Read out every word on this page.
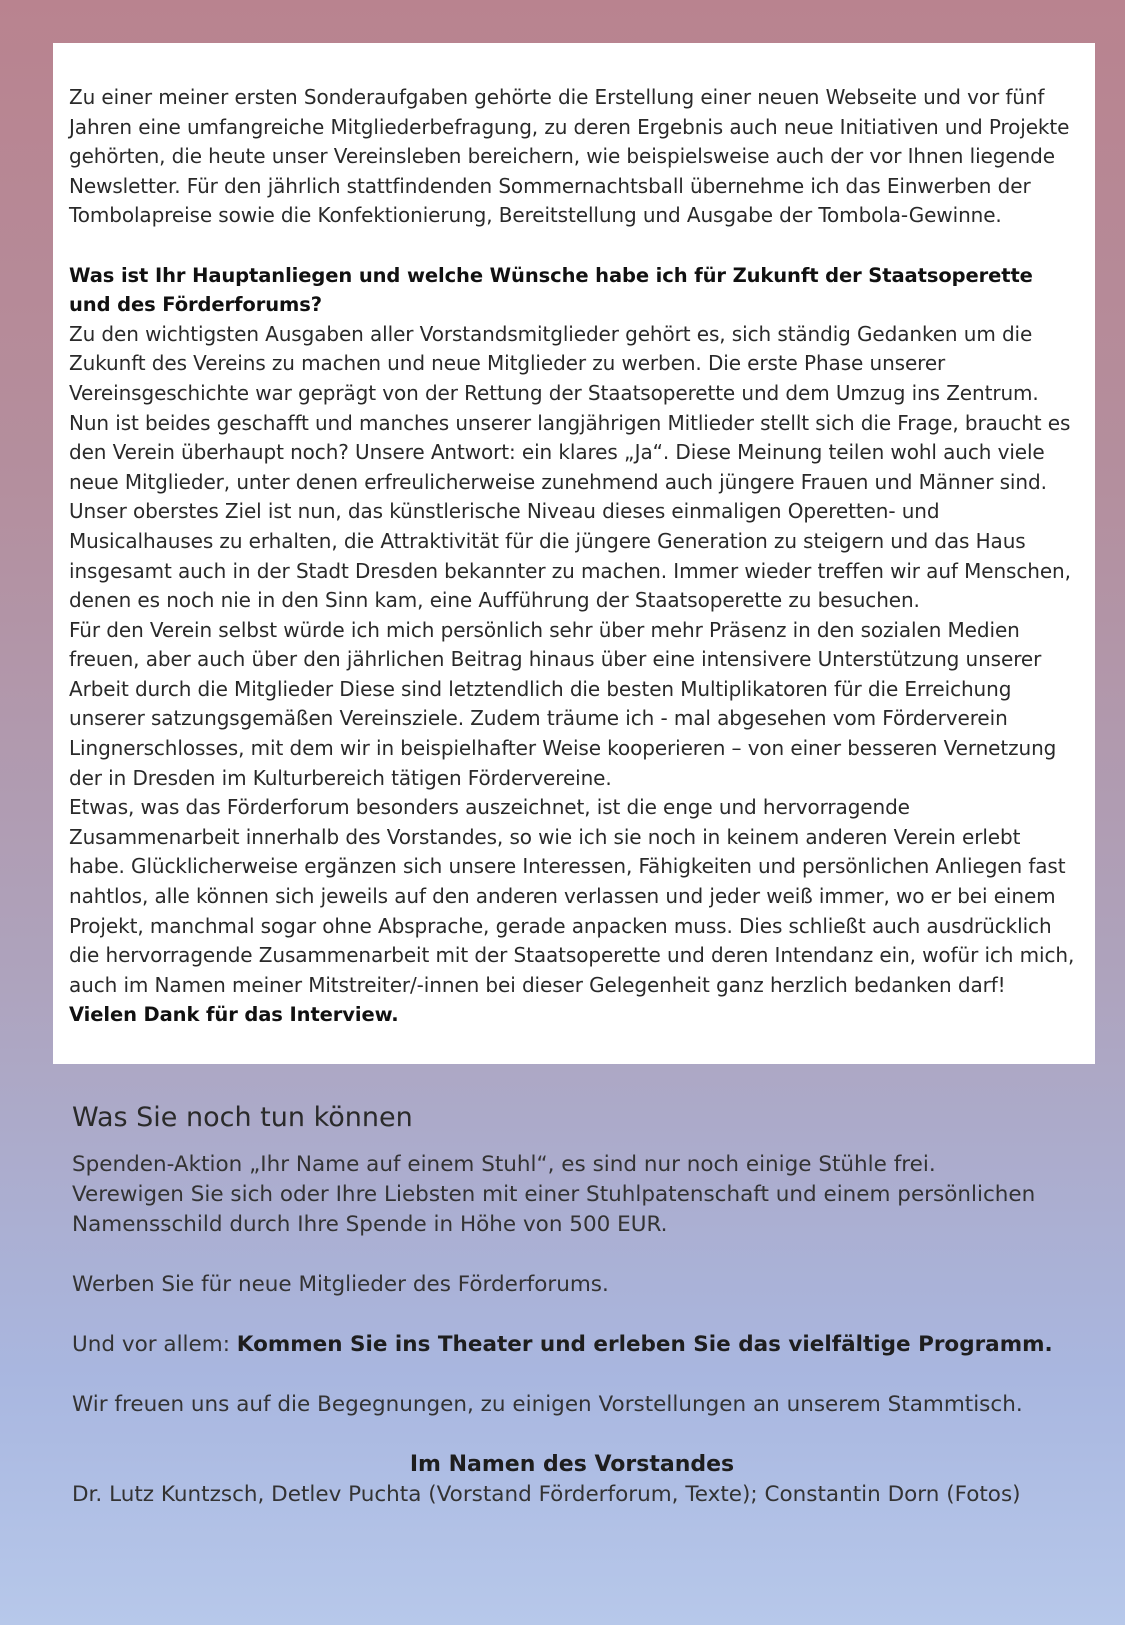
Zu einer meiner ersten Sonderaufgaben gehörte die Erstellung einer neuen Webseite und vor fünf Jahren eine umfangreiche Mitgliederbefragung, zu deren Ergebnis auch neue Initiativen und Projekte gehörten, die heute unser Vereinsleben bereichern, wie beispielsweise auch der vor Ihnen liegende Newsletter. Für den jährlich stattfindenden Sommernachtsball übernehme ich das Einwerben der Tombolapreise sowie die Konfektionierung, Bereitstellung und Ausgabe der Tombola-Gewinne.

Was ist Ihr Hauptanliegen und welche Wünsche habe ich für Zukunft der Staatsoperette und des Förderforums?

Zu den wichtigsten Ausgaben aller Vorstandsmitglieder gehört es, sich ständig Gedanken um die Zukunft des Vereins zu machen und neue Mitglieder zu werben. Die erste Phase unserer Vereinsgeschichte war geprägt von der Rettung der Staatsoperette und dem Umzug ins Zentrum. Nun ist beides geschafft und manches unserer langjährigen Mitlieder stellt sich die Frage, braucht es den Verein überhaupt noch? Unsere Antwort: ein klares „Ja“. Diese Meinung teilen wohl auch viele neue Mitglieder, unter denen erfreulicherweise zunehmend auch jüngere Frauen und Männer sind. Unser oberstes Ziel ist nun, das künstlerische Niveau dieses einmaligen Operetten- und Musicalhauses zu erhalten, die Attraktivität für die jüngere Generation zu steigern und das Haus insgesamt auch in der Stadt Dresden bekannter zu machen. Immer wieder treffen wir auf Menschen, denen es noch nie in den Sinn kam, eine Aufführung der Staatsoperette zu besuchen.

Für den Verein selbst würde ich mich persönlich sehr über mehr Präsenz in den sozialen Medien freuen, aber auch über den jährlichen Beitrag hinaus über eine intensivere Unterstützung unserer Arbeit durch die Mitglieder Diese sind letztendlich die besten Multiplikatoren für die Erreichung unserer satzungsgemäßen Vereinsziele. Zudem träume ich - mal abgesehen vom Förderverein Lingnerschlosses, mit dem wir in beispielhafter Weise kooperieren – von einer besseren Vernetzung der in Dresden im Kulturbereich tätigen Fördervereine.

Etwas, was das Förderforum besonders auszeichnet, ist die enge und hervorragende Zusammenarbeit innerhalb des Vorstandes, so wie ich sie noch in keinem anderen Verein erlebt habe. Glücklicherweise ergänzen sich unsere Interessen, Fähigkeiten und persönlichen Anliegen fast nahtlos, alle können sich jeweils auf den anderen verlassen und jeder weiß immer, wo er bei einem Projekt, manchmal sogar ohne Absprache, gerade anpacken muss. Dies schließt auch ausdrücklich die hervorragende Zusammenarbeit mit der Staatsoperette und deren Intendanz ein, wofür ich mich, auch im Namen meiner Mitstreiter/-innen bei dieser Gelegenheit ganz herzlich bedanken darf!

Vielen Dank für das Interview.

Was Sie noch tun können

Spenden-Aktion „Ihr Name auf einem Stuhl“, es sind nur noch einige Stühle frei.
Verewigen Sie sich oder Ihre Liebsten mit einer Stuhlpatenschaft und einem persönlichen Namensschild durch Ihre Spende in Höhe von 500 EUR.

Werben Sie für neue Mitglieder des Förderforums.

Und vor allem: Kommen Sie ins Theater und erleben Sie das vielfältige Programm.

Wir freuen uns auf die Begegnungen, zu einigen Vorstellungen an unserem Stammtisch.

Im Namen des Vorstandes
Dr. Lutz Kuntzsch, Detlev Puchta (Vorstand Förderforum, Texte); Constantin Dorn (Fotos)
